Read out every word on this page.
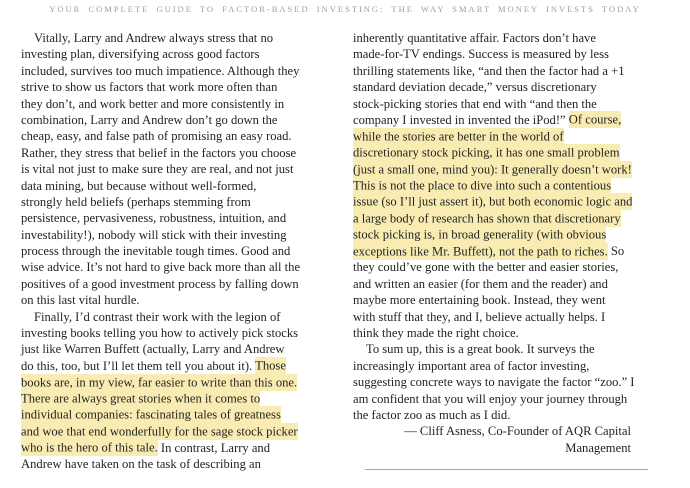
YOUR COMPLETE GUIDE TO FACTOR-BASED INVESTING: THE WAY SMART MONEY INVESTS TODAY
Vitally, Larry and Andrew always stress that no
investing plan, diversifying across good factors
included, survives too much impatience. Although they
strive to show us factors that work more often than
they don’t, and work better and more consistently in
combination, Larry and Andrew don’t go down the
cheap, easy, and false path of promising an easy road.
Rather, they stress that belief in the factors you choose
is vital not just to make sure they are real, and not just
data mining, but because without well-formed,
strongly held beliefs (perhaps stemming from
persistence, pervasiveness, robustness, intuition, and
investability!), nobody will stick with their investing
process through the inevitable tough times. Good and
wise advice. It’s not hard to give back more than all the
positives of a good investment process by falling down
on this last vital hurdle.
Finally, I’d contrast their work with the legion of
investing books telling you how to actively pick stocks
just like Warren Buffett (actually, Larry and Andrew
do this, too, but I’ll let them tell you about it). Those
books are, in my view, far easier to write than this one.
There are always great stories when it comes to
individual companies: fascinating tales of greatness
and woe that end wonderfully for the sage stock picker
who is the hero of this tale. In contrast, Larry and
Andrew have taken on the task of describing an
inherently quantitative affair. Factors don’t have
made-for-TV endings. Success is measured by less
thrilling statements like, “and then the factor had a +1
standard deviation decade,” versus discretionary
stock-picking stories that end with “and then the
company I invested in invented the iPod!” Of course,
while the stories are better in the world of
discretionary stock picking, it has one small problem
(just a small one, mind you): It generally doesn’t work!
This is not the place to dive into such a contentious
issue (so I’ll just assert it), but both economic logic and
a large body of research has shown that discretionary
stock picking is, in broad generality (with obvious
exceptions like Mr. Buffett), not the path to riches. So
they could’ve gone with the better and easier stories,
and written an easier (for them and the reader) and
maybe more entertaining book. Instead, they went
with stuff that they, and I, believe actually helps. I
think they made the right choice.
To sum up, this is a great book. It surveys the
increasingly important area of factor investing,
suggesting concrete ways to navigate the factor “zoo.” I
am confident that you will enjoy your journey through
the factor zoo as much as I did.
— Cliff Asness, Co-Founder of AQR Capital
Management
